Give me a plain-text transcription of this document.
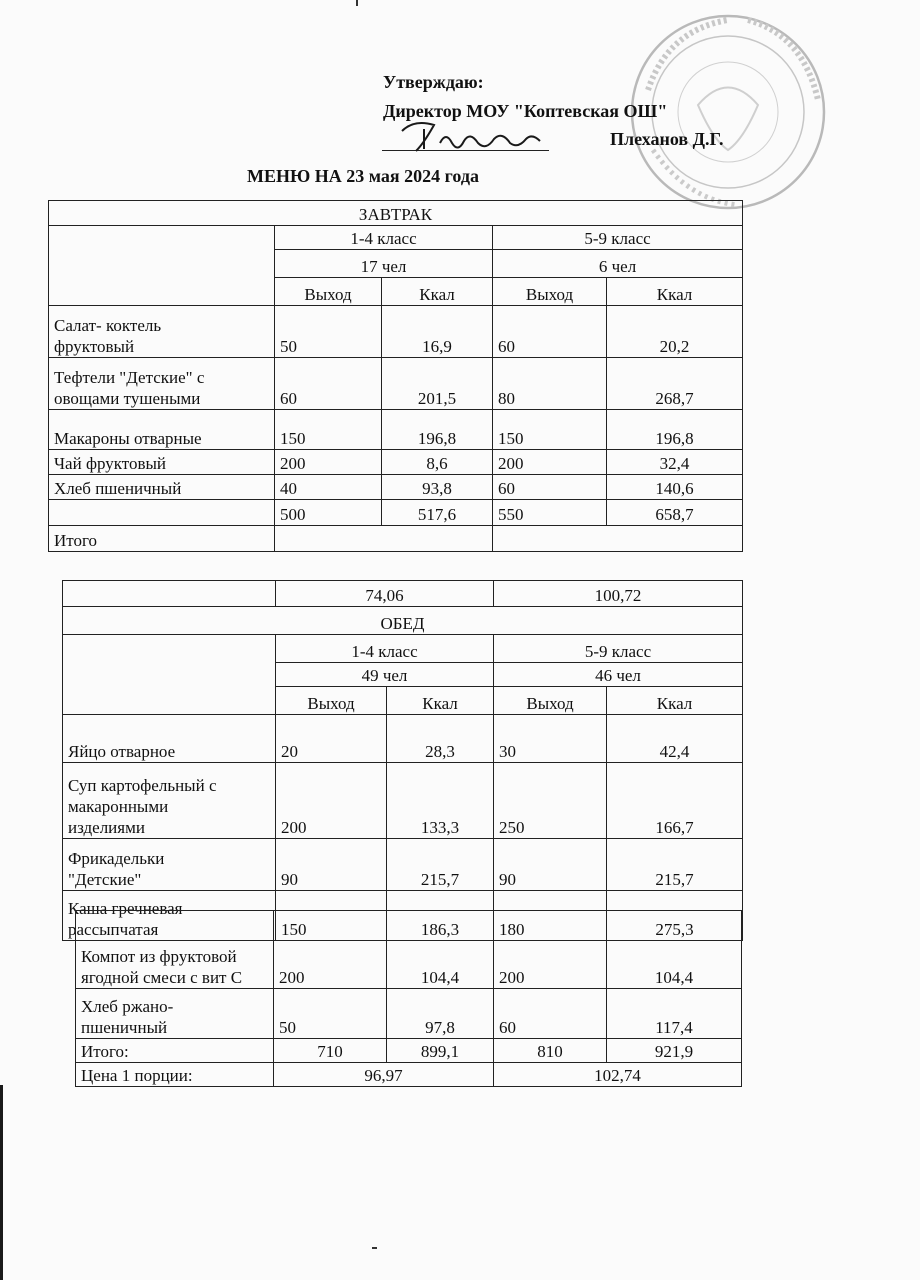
Утверждаю:
Директор МОУ "Коптевская ОШ"
Плеханов Д.Г.
МЕНЮ НА 23 мая 2024 года
ЗАВТРАК				
	1-4 класс		5-9 класс	
	17 чел		6 чел	
	Выход	Ккал	Выход	Ккал
Салат- коктель
фруктовый	50	16,9	60	20,2
Тефтели "Детские" с
овощами тушеными	60	201,5	80	268,7
Макароны отварные	150	196,8	150	196,8
Чай фруктовый	200	8,6	200	32,4
Хлеб пшеничный	40	93,8	60	140,6
	500	517,6	550	658,7
Итого				
	74,06		100,72	
ОБЕД				
	1-4 класс		5-9 класс	
	49 чел		46 чел	
	Выход	Ккал	Выход	Ккал
Яйцо отварное	20	28,3	30	42,4
Суп картофельный с
макаронными
изделиями	200	133,3	250	166,7
Фрикадельки
"Детские"	90	215,7	90	215,7
Каша гречневая
рассыпчатая	150	186,3	180	275,3
Компот из фруктовой
ягодной смеси с вит С	200	104,4	200	104,4
Хлеб ржано-
пшеничный	50	97,8	60	117,4
Итого:	710	899,1	810	921,9
Цена 1 порции:	96,97		102,74	
